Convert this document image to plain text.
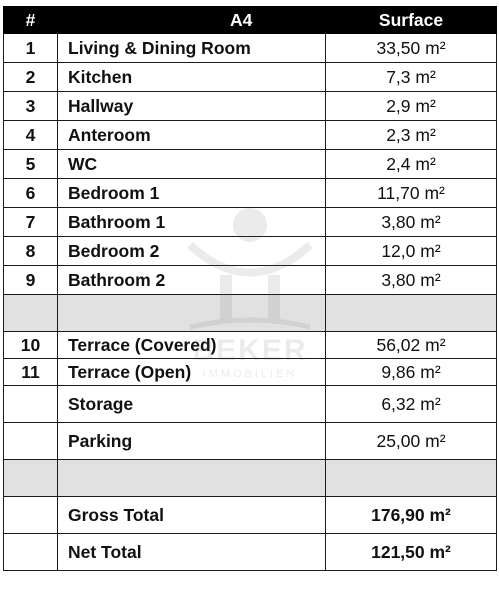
#	A4	Surface
1	Living & Dining Room	33,50 m²
2	Kitchen	7,3 m²
3	Hallway	2,9 m²
4	Anteroom	2,3 m²
5	WC	2,4 m²
6	Bedroom 1	11,70 m²
7	Bathroom 1	3,80 m²
8	Bedroom 2	12,0 m²
9	Bathroom 2	3,80 m²

10	Terrace (Covered)	56,02 m²
11	Terrace (Open)	9,86 m²
	Storage	6,32 m²
	Parking	25,00 m²

	Gross Total	176,90 m²
	Net Total	121,50 m²
BEKER
IMMOBILIEN
